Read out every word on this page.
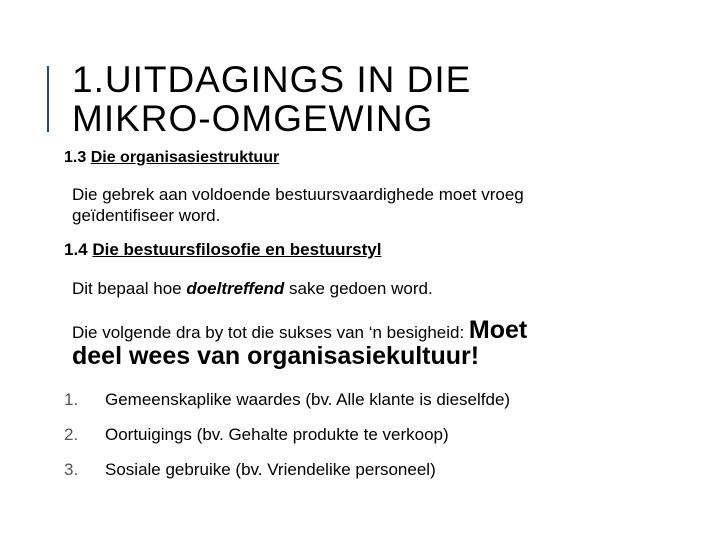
1.UITDAGINGS IN DIE
MIKRO-OMGEWING
1.3 Die organisasiestruktuur
Die gebrek aan voldoende bestuursvaardighede moet vroeg
geïdentifiseer word.
1.4 Die bestuursfilosofie en bestuurstyl
Dit bepaal hoe doeltreffend sake gedoen word.
Die volgende dra by tot die sukses van ‘n besigheid: Moet
deel wees van organisasiekultuur!
1. Gemeenskaplike waardes (bv. Alle klante is dieselfde)
2. Oortuigings (bv. Gehalte produkte te verkoop)
3. Sosiale gebruike (bv. Vriendelike personeel)
